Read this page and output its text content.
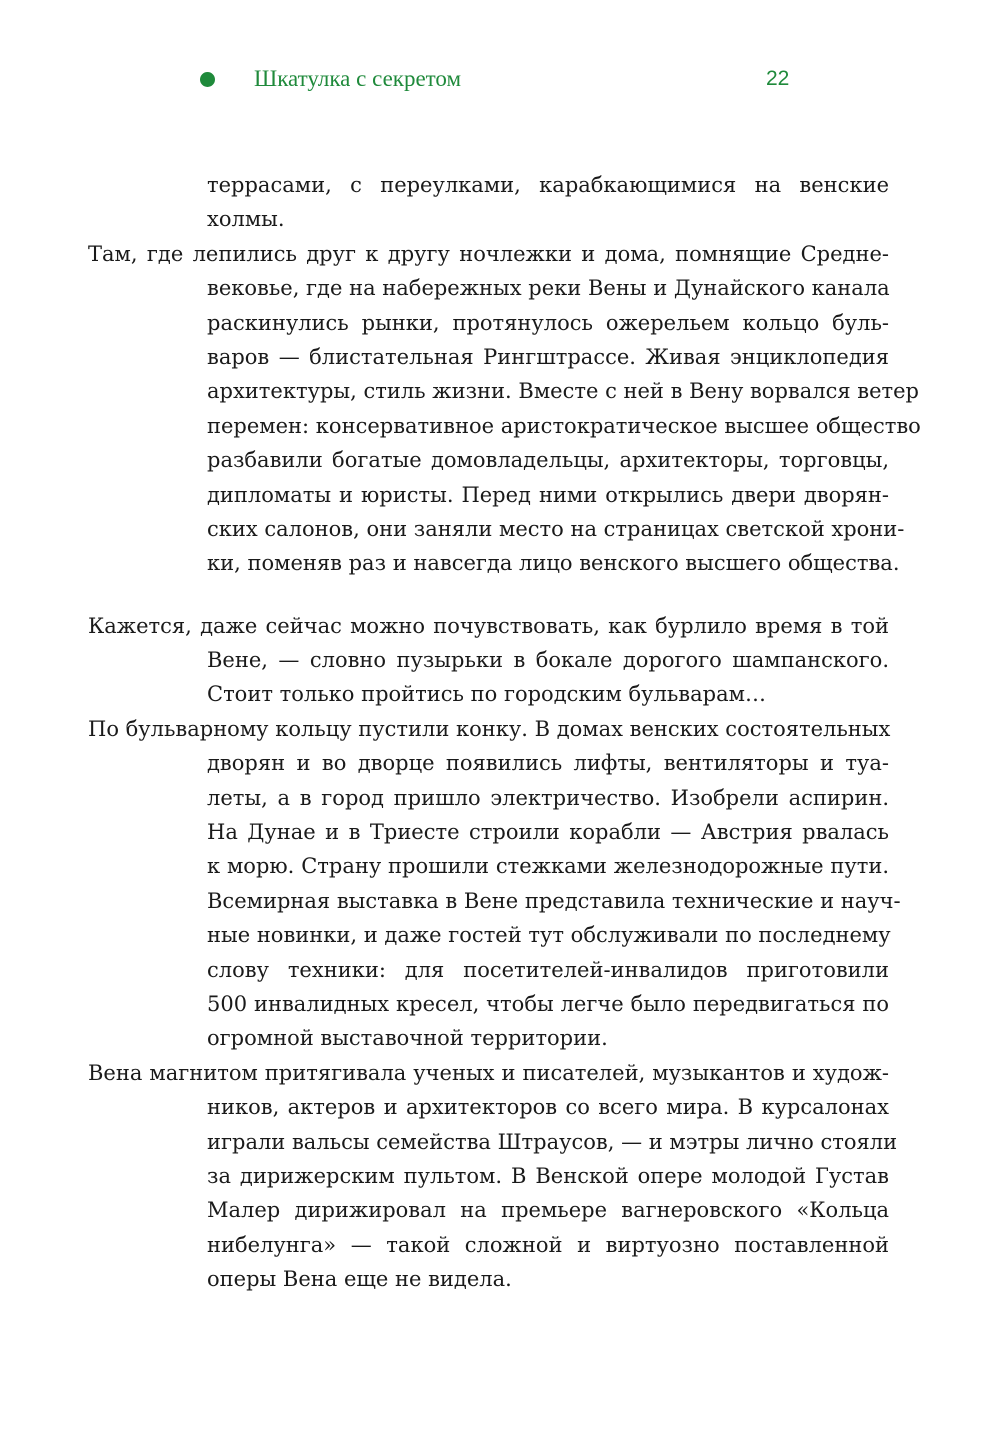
Шкатулка с секретом	22
террасами, с переулками, карабкающимися на венские
холмы.
Там, где лепились друг к другу ночлежки и дома, помнящие Средне-
вековье, где на набережных реки Вены и Дунайского канала
раскинулись рынки, протянулось ожерельем кольцо буль-
варов — блистательная Рингштрассе. Живая энциклопедия
архитектуры, стиль жизни. Вместе с ней в Вену ворвался ветер
перемен: консервативное аристократическое высшее общество
разбавили богатые домовладельцы, архитекторы, торговцы,
дипломаты и юристы. Перед ними открылись двери дворян-
ских салонов, они заняли место на страницах светской хрони-
ки, поменяв раз и навсегда лицо венского высшего общества.
Кажется, даже сейчас можно почувствовать, как бурлило время в той
Вене, — словно пузырьки в бокале дорогого шампанского.
Стоит только пройтись по городским бульварам…
По бульварному кольцу пустили конку. В домах венских состоятельных
дворян и во дворце появились лифты, вентиляторы и туа-
леты, а в город пришло электричество. Изобрели аспирин.
На Дунае и в Триесте строили корабли — Австрия рвалась
к морю. Страну прошили стежками железнодорожные пути.
Всемирная выставка в Вене представила технические и науч-
ные новинки, и даже гостей тут обслуживали по последнему
слову техники: для посетителей-инвалидов приготовили
500 инвалидных кресел, чтобы легче было передвигаться по
огромной выставочной территории.
Вена магнитом притягивала ученых и писателей, музыкантов и худож-
ников, актеров и архитекторов со всего мира. В курсалонах
играли вальсы семейства Штраусов, — и мэтры лично стояли
за дирижерским пультом. В Венской опере молодой Густав
Малер дирижировал на премьере вагнеровского «Кольца
нибелунга» — такой сложной и виртуозно поставленной
оперы Вена еще не видела.
